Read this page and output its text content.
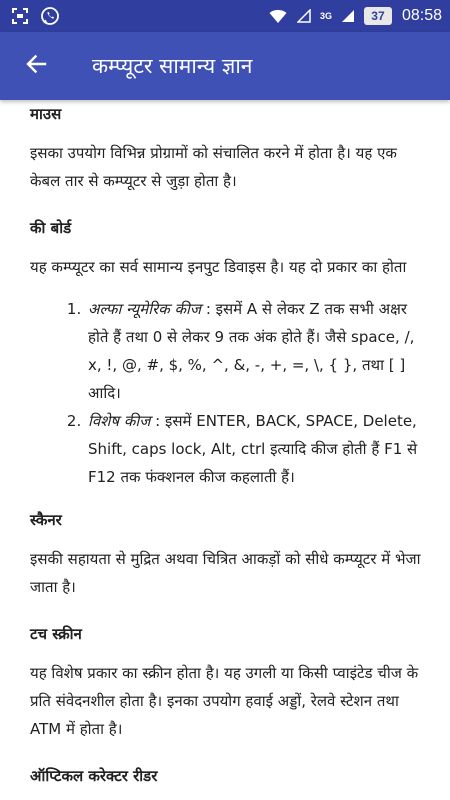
3G	37	08:58
कम्प्यूटर सामान्य ज्ञान
माउस

इसका उपयोग विभिन्न प्रोग्रामों को संचालित करने में होता है। यह एक केबल तार से कम्प्यूटर से जुड़ा होता है।

की बोर्ड

यह कम्प्यूटर का सर्व सामान्य इनपुट डिवाइस है। यह दो प्रकार का होता

1. अल्फा न्यूमेरिक कीज : इसमें A से लेकर Z तक सभी अक्षर होते हैं तथा 0 से लेकर 9 तक अंक होते हैं। जैसे space, /, x, !, @, #, $, %, ^, &, -, +, =, \, { }, तथा [ ] आदि।
2. विशेष कीज : इसमें ENTER, BACK, SPACE, Delete, Shift, caps lock, Alt, ctrl इत्यादि कीज होती हैं F1 से F12 तक फंक्शनल कीज कहलाती हैं।
स्कैनर

इसकी सहायता से मुद्रित अथवा चित्रित आकड़ों को सीधे कम्प्यूटर में भेजा जाता है।

टच स्क्रीन

यह विशेष प्रकार का स्क्रीन होता है। यह उगली या किसी प्वाइंटेड चीज के प्रति संवेदनशील होता है। इनका उपयोग हवाई अड्डों, रेलवे स्टेशन तथा ATM में होता है।

ऑप्टिकल करेक्टर रीडर
